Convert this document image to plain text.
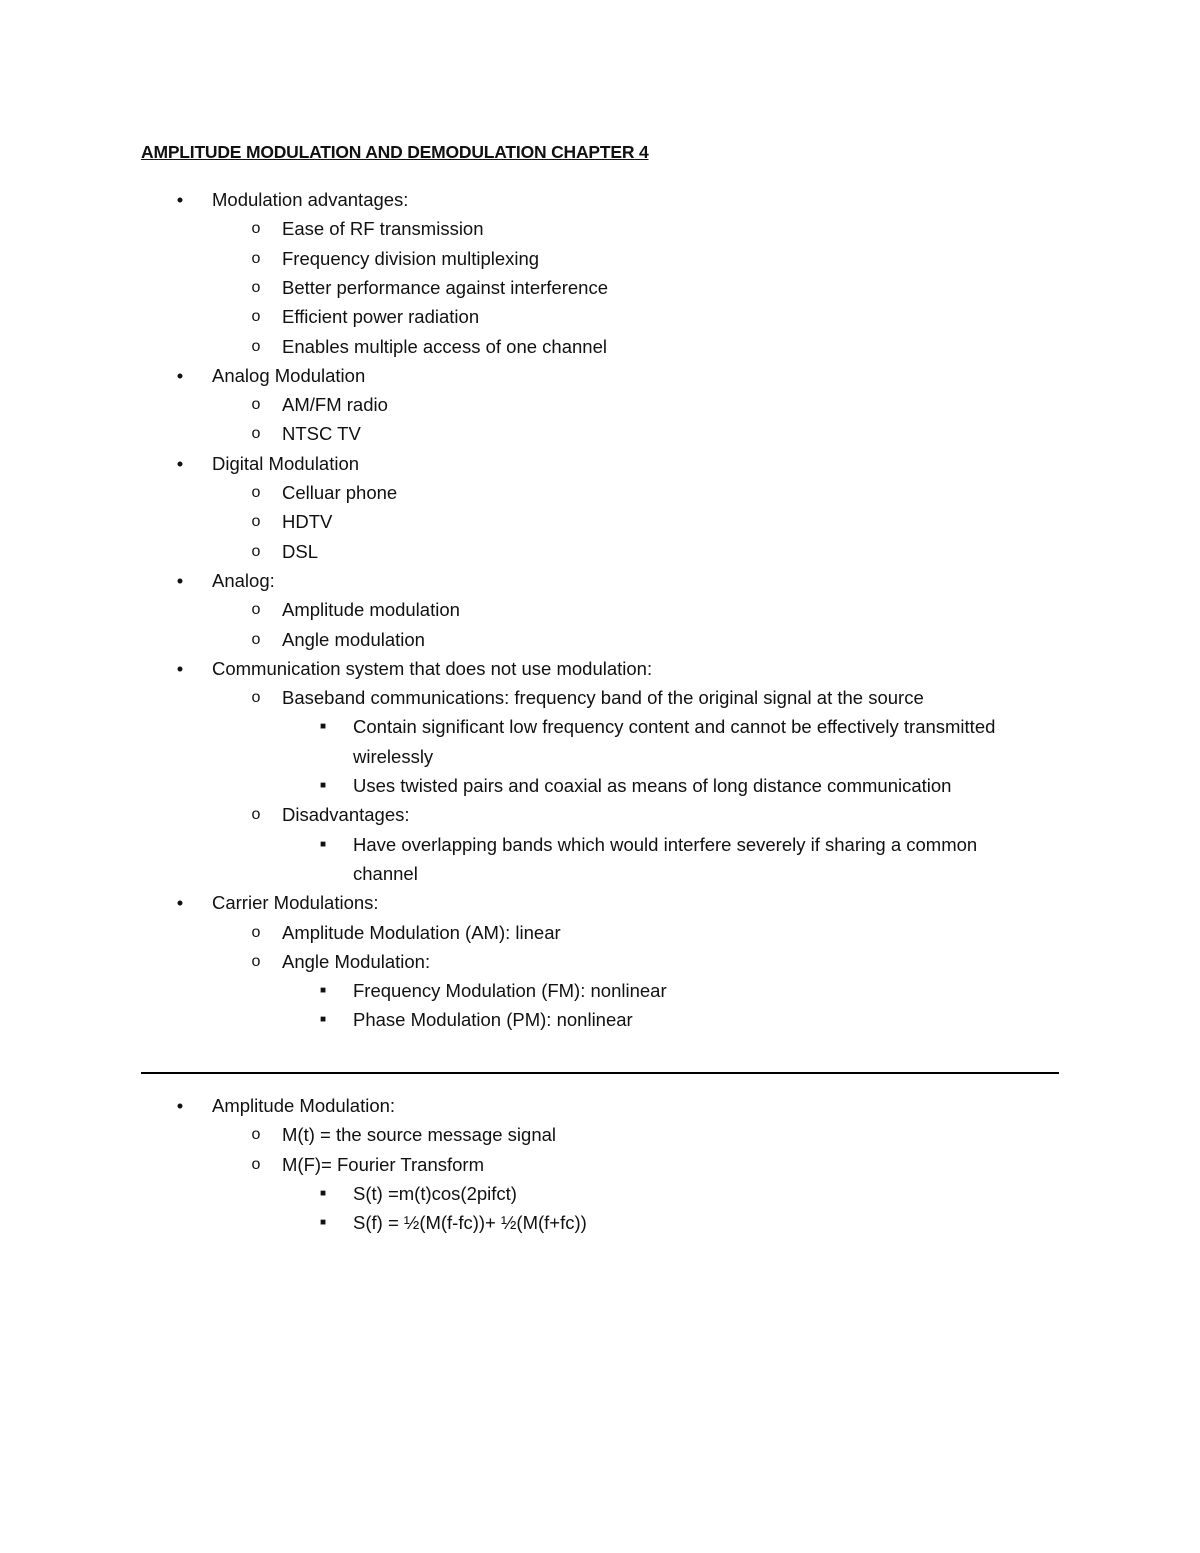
AMPLITUDE MODULATION AND DEMODULATION CHAPTER 4
• Modulation advantages:
o Ease of RF transmission
o Frequency division multiplexing
o Better performance against interference
o Efficient power radiation
o Enables multiple access of one channel
• Analog Modulation
o AM/FM radio
o NTSC TV
• Digital Modulation
o Celluar phone
o HDTV
o DSL
• Analog:
o Amplitude modulation
o Angle modulation
• Communication system that does not use modulation:
o Baseband communications: frequency band of the original signal at the source
■ Contain significant low frequency content and cannot be effectively transmitted
wirelessly
■ Uses twisted pairs and coaxial as means of long distance communication
o Disadvantages:
■ Have overlapping bands which would interfere severely if sharing a common
channel
• Carrier Modulations:
o Amplitude Modulation (AM): linear
o Angle Modulation:
■ Frequency Modulation (FM): nonlinear
■ Phase Modulation (PM): nonlinear
• Amplitude Modulation:
o M(t) = the source message signal
o M(F)= Fourier Transform
■ S(t) =m(t)cos(2pifct)
■ S(f) = ½(M(f-fc))+ ½(M(f+fc))
